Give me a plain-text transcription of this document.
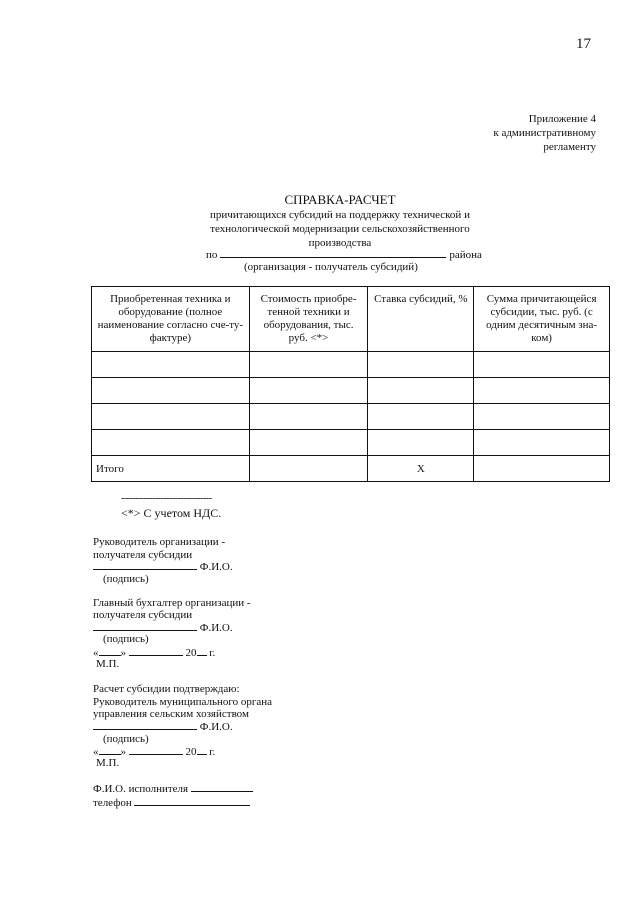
17
Приложение 4
к административному
регламенту
СПРАВКА-РАСЧЕТ
причитающихся субсидий на поддержку технической и
технологической модернизации сельскохозяйственного
производства
по	района
(организация - получатель субсидий)
Приобретенная техника и оборудование (полное наименование согласно сче-ту-фактуре)	Стоимость приобре-тенной техники и оборудования, тыс. руб. <*>	Ставка субсидий, %	Сумма причитающейся субсидии, тыс. руб. (с одним десятичным зна-ком)

Итого		X	
--------------------------------
<*> С учетом НДС.
Руководитель организации -
получателя субсидии
Ф.И.О.
(подпись)
Главный бухгалтер организации -
получателя субсидии
Ф.И.О.
(подпись)
« »	20 г.
М.П.
Расчет субсидии подтверждаю:
Руководитель муниципального органа
управления сельским хозяйством
Ф.И.О.
(подпись)
« »	20 г.
М.П.
Ф.И.О. исполнителя
телефон
